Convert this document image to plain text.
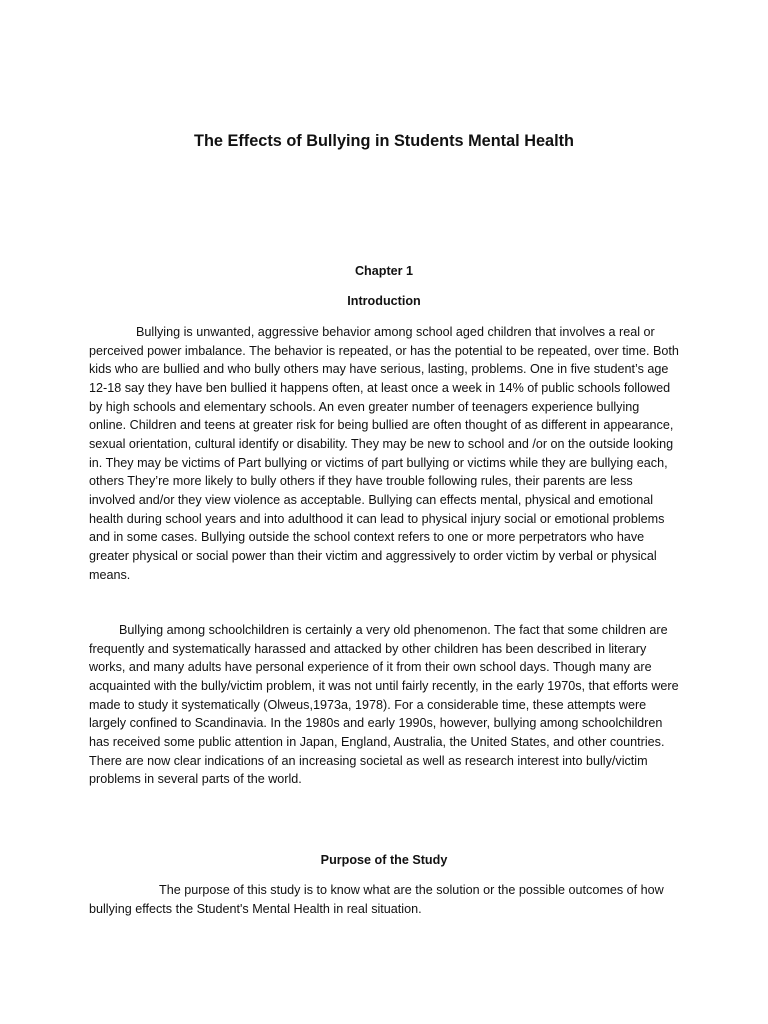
The Effects of Bullying in Students Mental Health
Chapter 1
Introduction

Bullying is unwanted, aggressive behavior among school aged children that involves a real or perceived power imbalance. The behavior is repeated, or has the potential to be repeated, over time. Both kids who are bullied and who bully others may have serious, lasting, problems. One in five student’s age 12-18 say they have ben bullied it happens often, at least once a week in 14% of public schools followed by high schools and elementary schools. An even greater number of teenagers experience bullying online. Children and teens at greater risk for being bullied are often thought of as different in appearance, sexual orientation, cultural identify or disability. They may be new to school and /or on the outside looking in. They may be victims of Part bullying or victims of part bullying or victims while they are bullying each, others They’re more likely to bully others if they have trouble following rules, their parents are less involved and/or they view violence as acceptable. Bullying can effects mental, physical and emotional health during school years and into adulthood it can lead to physical injury social or emotional problems and in some cases. Bullying outside the school context refers to one or more perpetrators who have greater physical or social power than their victim and aggressively to order victim by verbal or physical means.

Bullying among schoolchildren is certainly a very old phenomenon. The fact that some children are frequently and systematically harassed and attacked by other children has been described in literary works, and many adults have personal experience of it from their own school days. Though many are acquainted with the bully/victim problem, it was not until fairly recently, in the early 1970s, that efforts were made to study it systematically (Olweus,1973a, 1978). For a considerable time, these attempts were largely confined to Scandinavia. In the 1980s and early 1990s, however, bullying among schoolchildren has received some public attention in Japan, England, Australia, the United States, and other countries. There are now clear indications of an increasing societal as well as research interest into bully/victim problems in several parts of the world.

Purpose of the Study

The purpose of this study is to know what are the solution or the possible outcomes of how bullying effects the Student's Mental Health in real situation.
